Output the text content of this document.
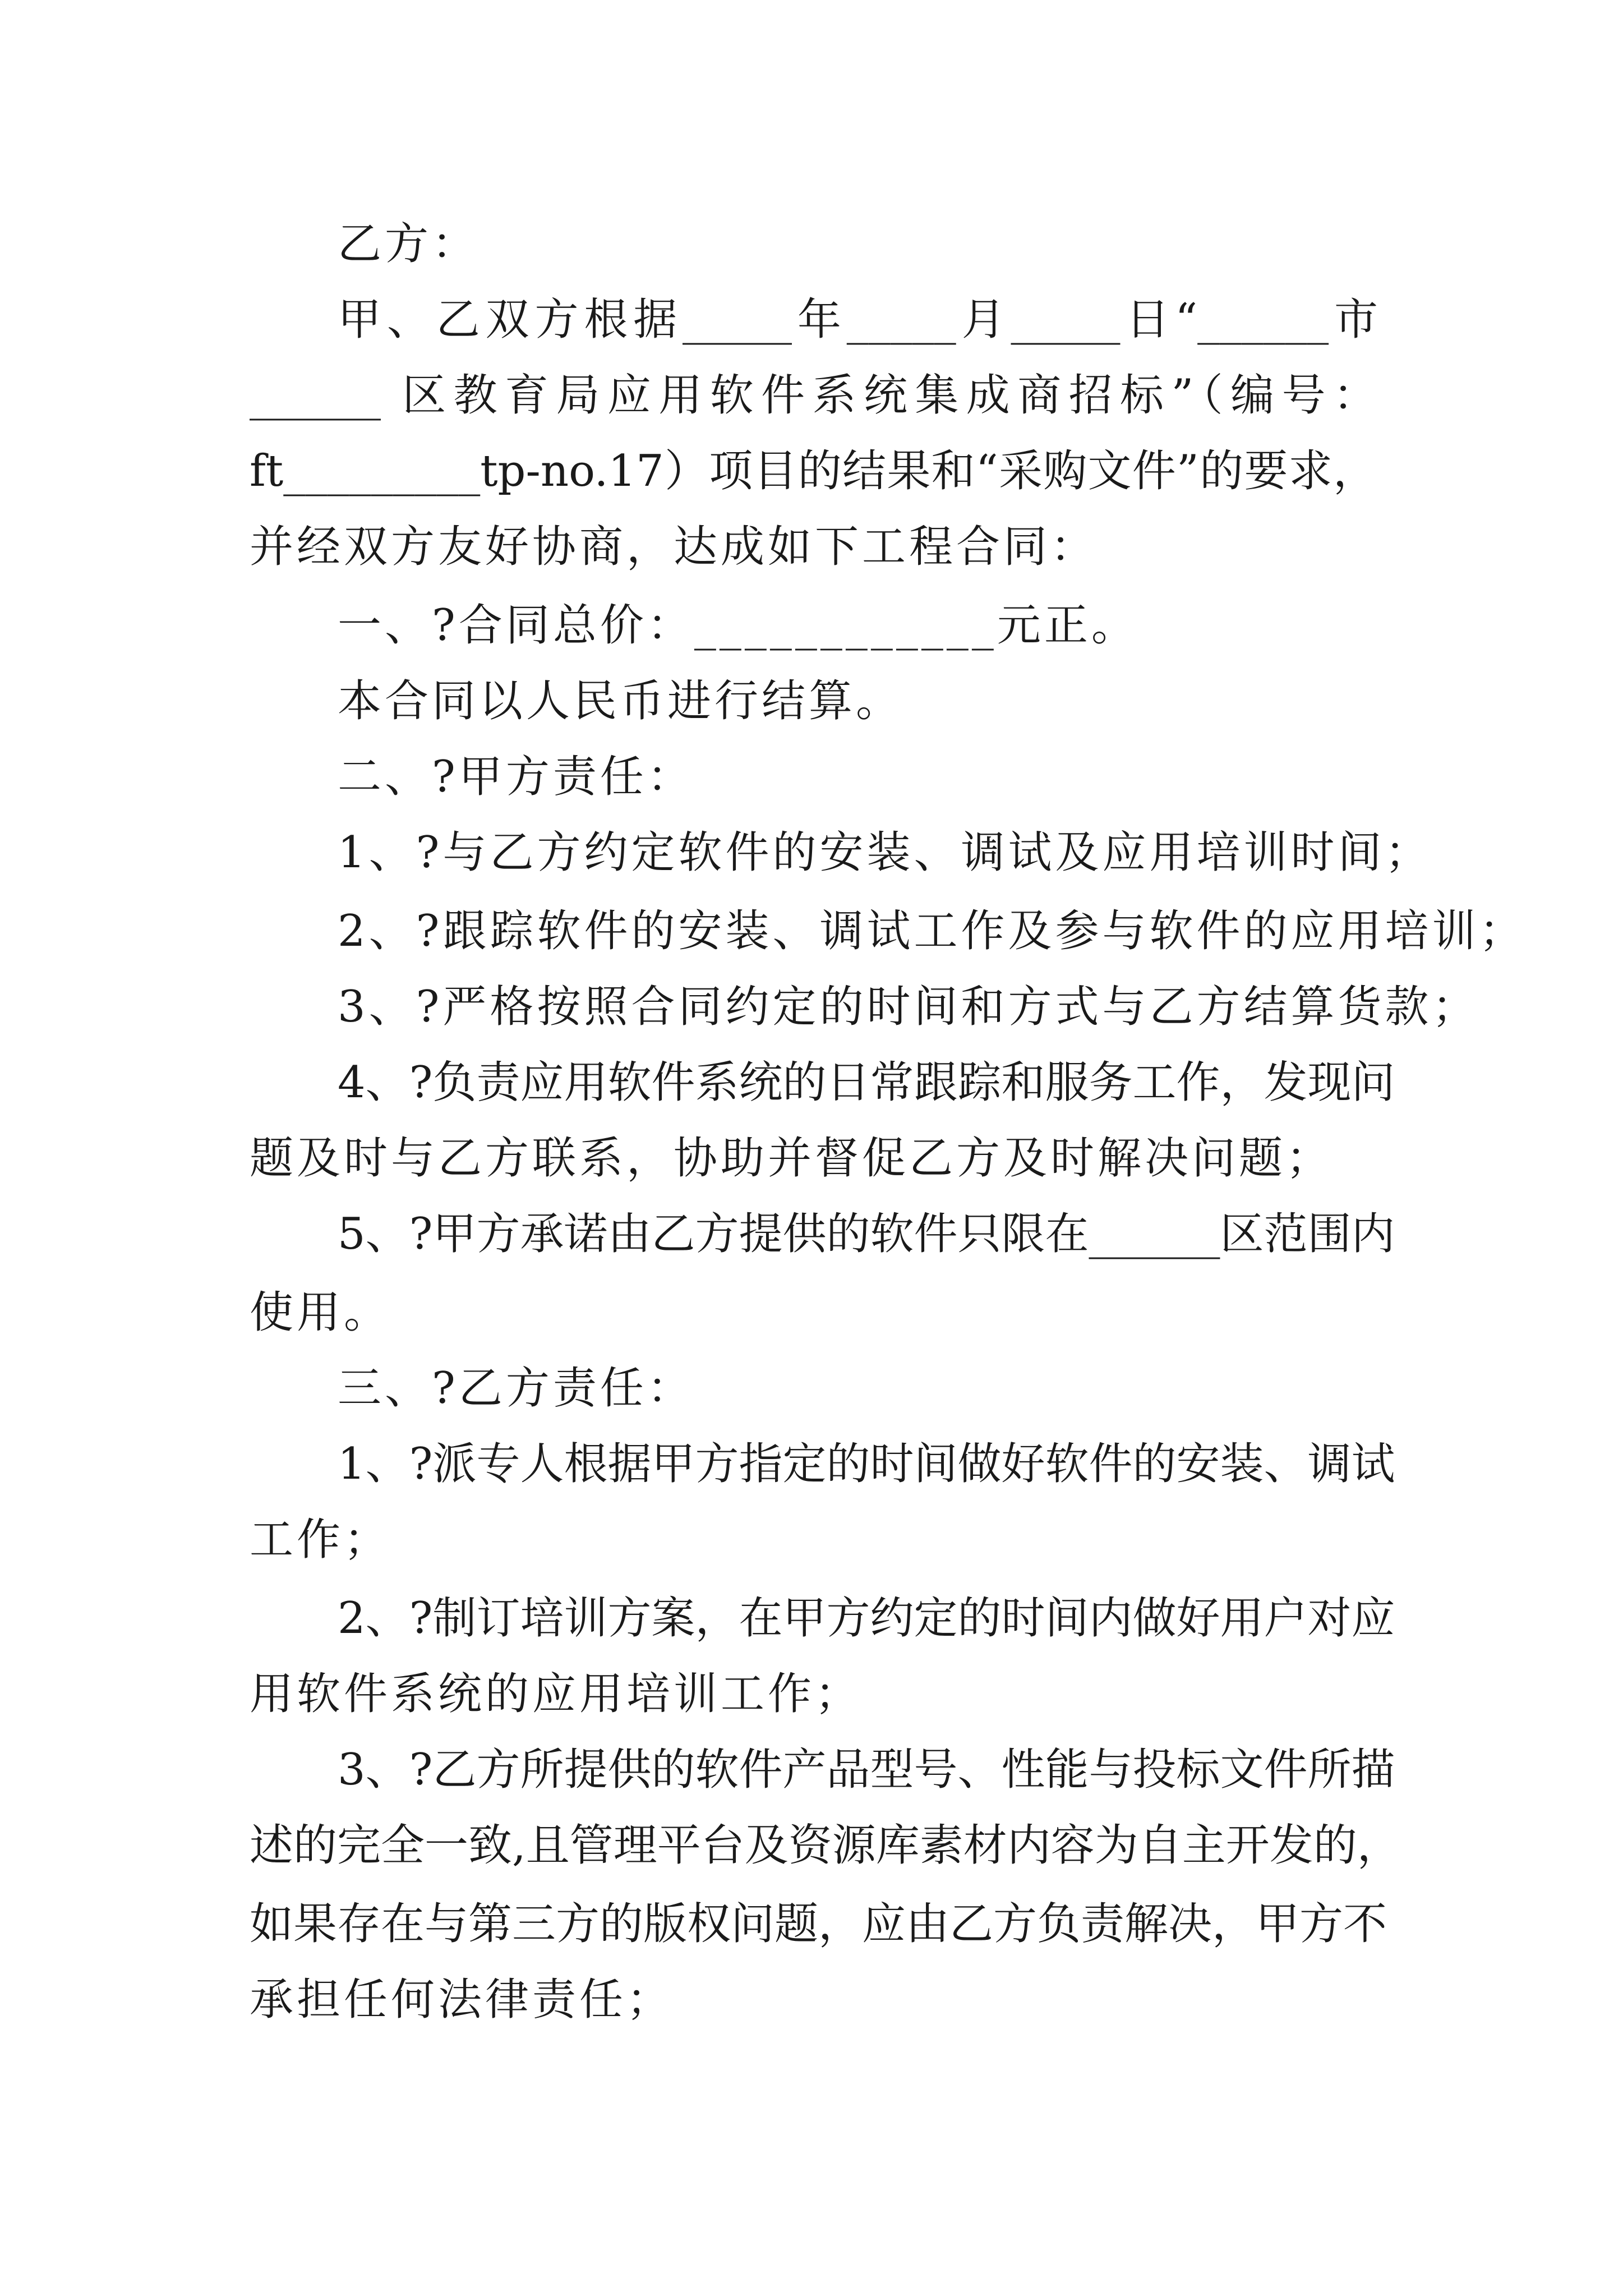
乙方：
甲、乙双方根据_____年_____月_____日“______市
______ 区教育局应用软件系统集成商招标”（编号：
ft_________tp-no.17）项目的结果和“采购文件”的要求，
并经双方友好协商，达成如下工程合同：
一、?合同总价：____________元正。
本合同以人民币进行结算。
二、?甲方责任：
1、?与乙方约定软件的安装、调试及应用培训时间；
2、?跟踪软件的安装、调试工作及参与软件的应用培训；
3、?严格按照合同约定的时间和方式与乙方结算货款；
4、?负责应用软件系统的日常跟踪和服务工作，发现问
题及时与乙方联系，协助并督促乙方及时解决问题；
5、?甲方承诺由乙方提供的软件只限在______区范围内
使用。
三、?乙方责任：
1、?派专人根据甲方指定的时间做好软件的安装、调试
工作；
2、?制订培训方案，在甲方约定的时间内做好用户对应
用软件系统的应用培训工作；
3、?乙方所提供的软件产品型号、性能与投标文件所描
述的完全一致,且管理平台及资源库素材内容为自主开发的，
如果存在与第三方的版权问题，应由乙方负责解决，甲方不
承担任何法律责任；
